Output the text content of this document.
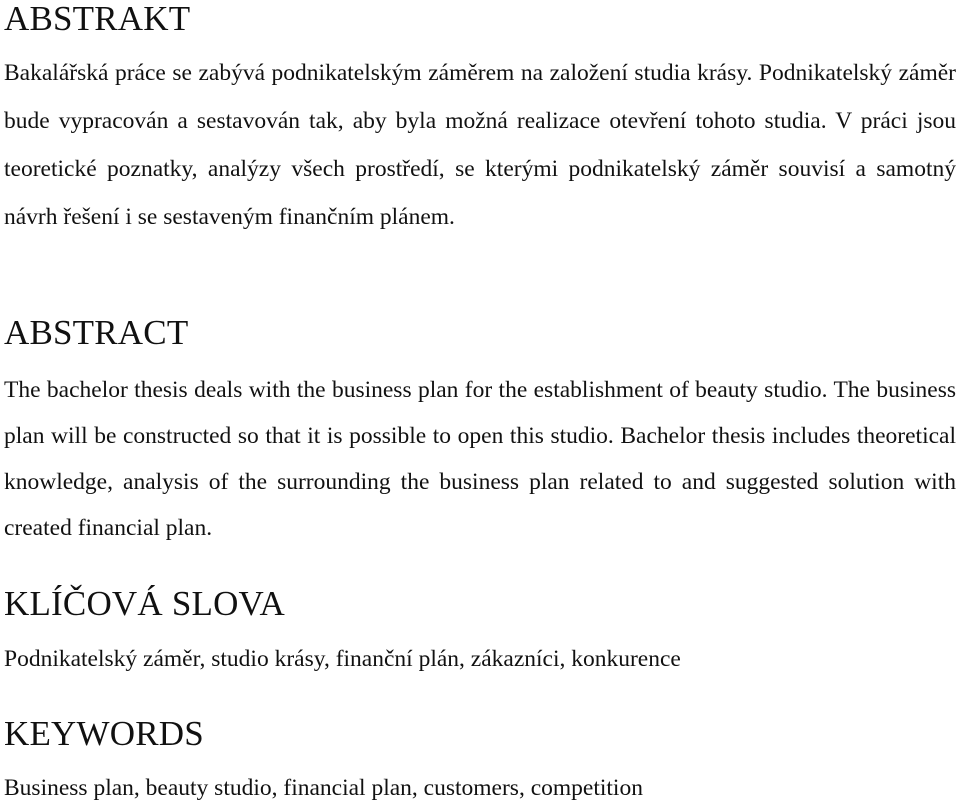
ABSTRAKT

Bakalářská práce se zabývá podnikatelským záměrem na založení studia krásy. Podnikatelský záměr bude vypracován a sestavován tak, aby byla možná realizace otevření tohoto studia. V práci jsou teoretické poznatky, analýzy všech prostředí, se kterými podnikatelský záměr souvisí a samotný návrh řešení i se sestaveným finančním plánem.

ABSTRACT

The bachelor thesis deals with the business plan for the establishment of beauty studio. The business plan will be constructed so that it is possible to open this studio. Bachelor thesis includes theoretical knowledge, analysis of the surrounding the business plan related to and suggested solution with created financial plan.

KLÍČOVÁ SLOVA

Podnikatelský záměr, studio krásy, finanční plán, zákazníci, konkurence

KEYWORDS

Business plan, beauty studio, financial plan, customers, competition
